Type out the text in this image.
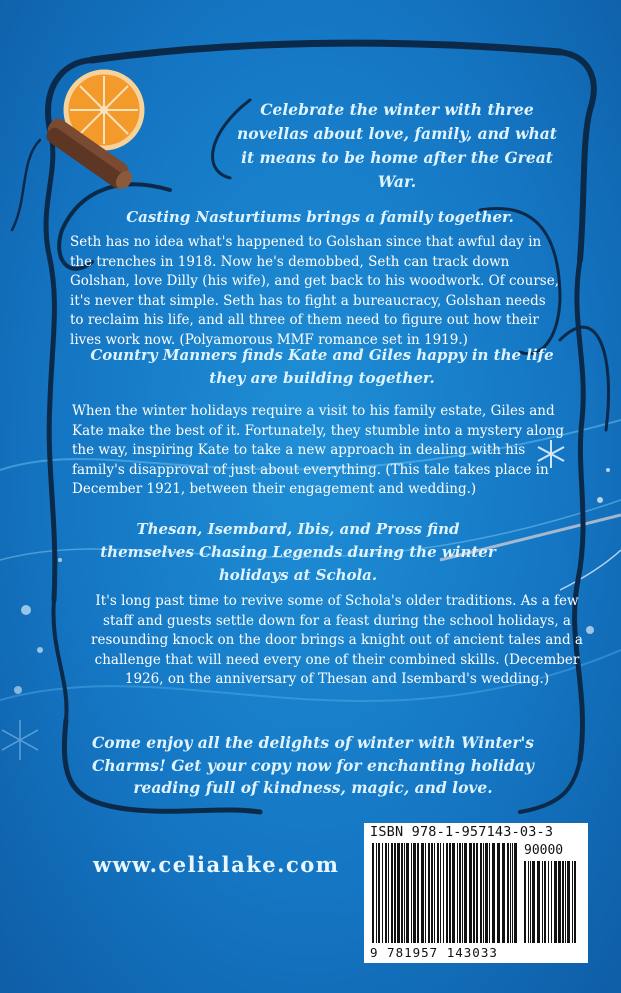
Celebrate the winter with three novellas about love, family, and what it means to be home after the Great War.
Casting Nasturtiums brings a family together.
Seth has no idea what's happened to Golshan since that awful day in the trenches in 1918. Now he's demobbed, Seth can track down Golshan, love Dilly (his wife), and get back to his woodwork. Of course, it's never that simple. Seth has to fight a bureaucracy, Golshan needs to reclaim his life, and all three of them need to figure out how their lives work now. (Polyamorous MMF romance set in 1919.)
Country Manners finds Kate and Giles happy in the life they are building together.
When the winter holidays require a visit to his family estate, Giles and Kate make the best of it. Fortunately, they stumble into a mystery along the way, inspiring Kate to take a new approach in dealing with his family's disapproval of just about everything. (This tale takes place in December 1921, between their engagement and wedding.)
Thesan, Isembard, Ibis, and Pross find themselves Chasing Legends during the winter holidays at Schola.
It's long past time to revive some of Schola's older traditions. As a few staff and guests settle down for a feast during the school holidays, a resounding knock on the door brings a knight out of ancient tales and a challenge that will need every one of their combined skills. (December 1926, on the anniversary of Thesan and Isembard's wedding.)
Come enjoy all the delights of winter with Winter's Charms! Get your copy now for enchanting holiday reading full of kindness, magic, and love.
www.celialake.com
ISBN 978-1-957143-03-3
90000
9 781957 143033
